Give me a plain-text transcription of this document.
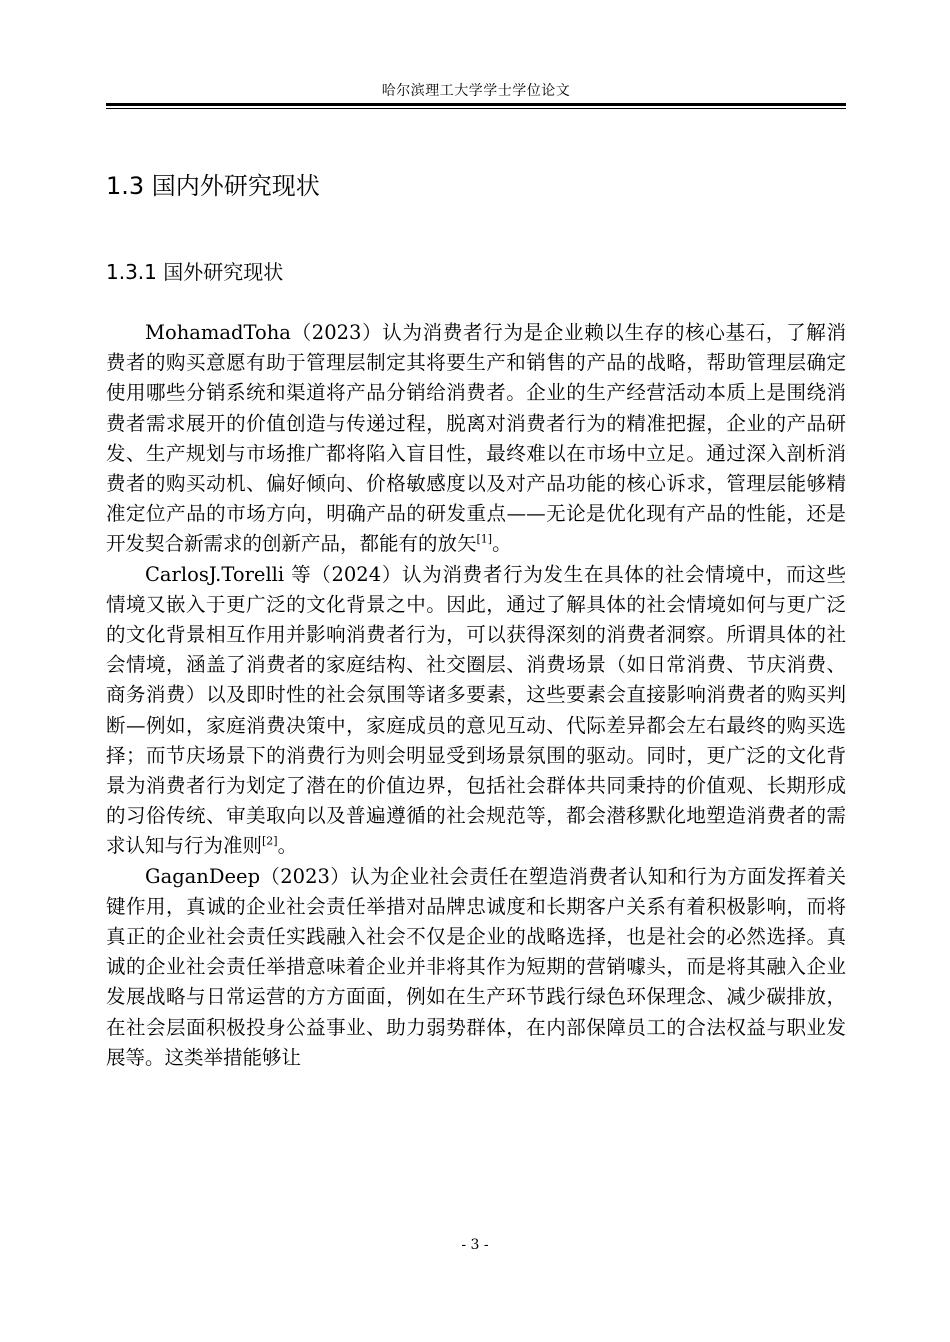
哈尔滨理工大学学士学位论文
1.3 国内外研究现状
1.3.1 国外研究现状

MohamadToha（2023）认为消费者行为是企业赖以生存的核心基石，了解消费者的购买意愿有助于管理层制定其将要生产和销售的产品的战略，帮助管理层确定使用哪些分销系统和渠道将产品分销给消费者。企业的生产经营活动本质上是围绕消费者需求展开的价值创造与传递过程，脱离对消费者行为的精准把握，企业的产品研发、生产规划与市场推广都将陷入盲目性，最终难以在市场中立足。通过深入剖析消费者的购买动机、偏好倾向、价格敏感度以及对产品功能的核心诉求，管理层能够精准定位产品的市场方向，明确产品的研发重点——无论是优化现有产品的性能，还是开发契合新需求的创新产品，都能有的放矢[1]。

CarlosJ.Torelli 等（2024）认为消费者行为发生在具体的社会情境中，而这些情境又嵌入于更广泛的文化背景之中。因此，通过了解具体的社会情境如何与更广泛的文化背景相互作用并影响消费者行为，可以获得深刻的消费者洞察。所谓具体的社会情境，涵盖了消费者的家庭结构、社交圈层、消费场景（如日常消费、节庆消费、商务消费）以及即时性的社会氛围等诸多要素，这些要素会直接影响消费者的购买判断—例如，家庭消费决策中，家庭成员的意见互动、代际差异都会左右最终的购买选择；而节庆场景下的消费行为则会明显受到场景氛围的驱动。同时，更广泛的文化背景为消费者行为划定了潜在的价值边界，包括社会群体共同秉持的价值观、长期形成的习俗传统、审美取向以及普遍遵循的社会规范等，都会潜移默化地塑造消费者的需求认知与行为准则[2]。

GaganDeep（2023）认为企业社会责任在塑造消费者认知和行为方面发挥着关键作用，真诚的企业社会责任举措对品牌忠诚度和长期客户关系有着积极影响，而将真正的企业社会责任实践融入社会不仅是企业的战略选择，也是社会的必然选择。真诚的企业社会责任举措意味着企业并非将其作为短期的营销噱头，而是将其融入企业发展战略与日常运营的方方面面，例如在生产环节践行绿色环保理念、减少碳排放，在社会层面积极投身公益事业、助力弱势群体，在内部保障员工的合法权益与职业发展等。这类举措能够让

- 3 -
